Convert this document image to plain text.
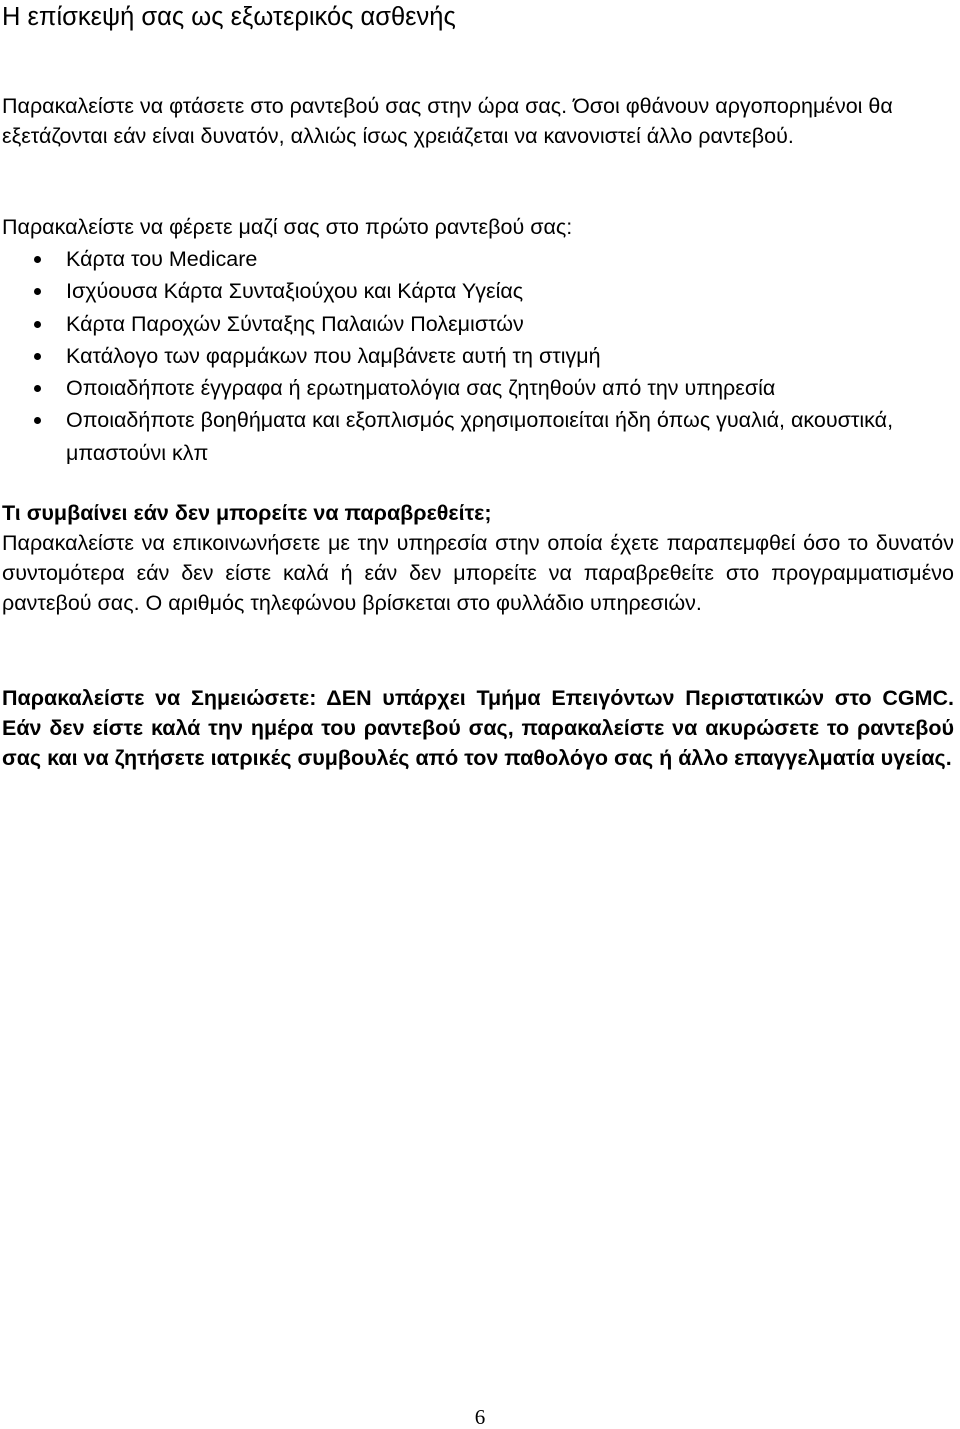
Η επίσκεψή σας ως εξωτερικός ασθενής

Παρακαλείστε να φτάσετε στο ραντεβού σας στην ώρα σας. Όσοι φθάνουν αργοπορημένοι θα εξετάζονται εάν είναι δυνατόν, αλλιώς ίσως χρειάζεται να κανονιστεί άλλο ραντεβού.

Παρακαλείστε να φέρετε μαζί σας στο πρώτο ραντεβού σας:

Κάρτα του Medicare
Ισχύουσα Κάρτα Συνταξιούχου και Κάρτα Υγείας
Κάρτα Παροχών Σύνταξης Παλαιών Πολεμιστών
Κατάλογο των φαρμάκων που λαμβάνετε αυτή τη στιγμή
Οποιαδήποτε έγγραφα ή ερωτηματολόγια σας ζητηθούν από την υπηρεσία
Οποιαδήποτε βοηθήματα και εξοπλισμός χρησιμοποιείται ήδη όπως γυαλιά, ακουστικά, μπαστούνι κλπ

Τι συμβαίνει εάν δεν μπορείτε να παραβρεθείτε;

Παρακαλείστε να επικοινωνήσετε με την υπηρεσία στην οποία έχετε παραπεμφθεί όσο το δυνατόν συντομότερα εάν δεν είστε καλά ή εάν δεν μπορείτε να παραβρεθείτε στο προγραμματισμένο ραντεβού σας. Ο αριθμός τηλεφώνου βρίσκεται στο φυλλάδιο υπηρεσιών.

Παρακαλείστε να Σημειώσετε: ΔΕΝ υπάρχει Τμήμα Επειγόντων Περιστατικών στο CGMC. Εάν δεν είστε καλά την ημέρα του ραντεβού σας, παρακαλείστε να ακυρώσετε το ραντεβού σας και να ζητήσετε ιατρικές συμβουλές από τον παθολόγο σας ή άλλο επαγγελματία υγείας.

6
